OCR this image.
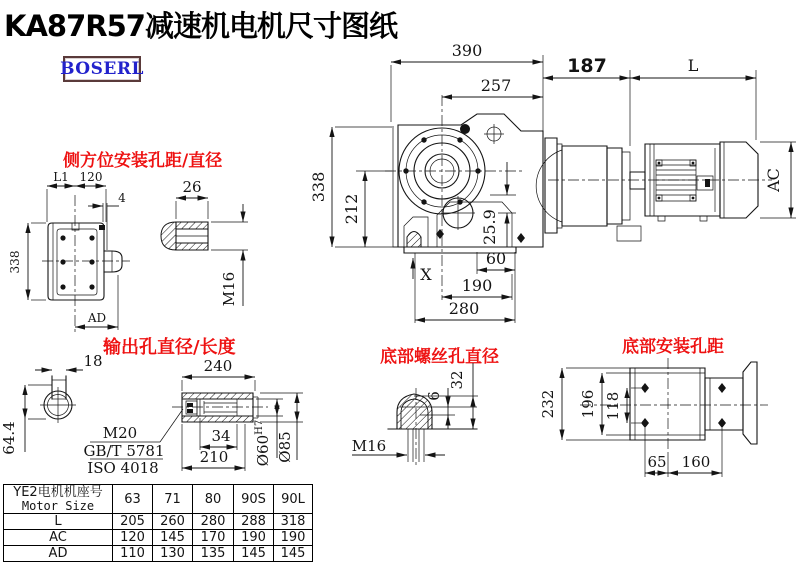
KA87R57减速机电机尺寸图纸
BOSERL
侧方位安装孔距/直径
输出孔直径/长度	底部螺丝孔直径	底部安装孔距
390
257
187	L
AC
338
212
25.9
60
190
280
X
L1 120
4
338
AD
26
M16
18
64.4
240
34
210
M20
GB/T 5781
ISO 4018
$Ø60^{H7}$
Ø85
32
6
M16
232 196 118
65 160
YE2电机机座号
Motor Size	63	71	80	90S	90L
L	205	260	280	288	318
AC	120	145	170	190	190
AD	110	130	135	145	145
